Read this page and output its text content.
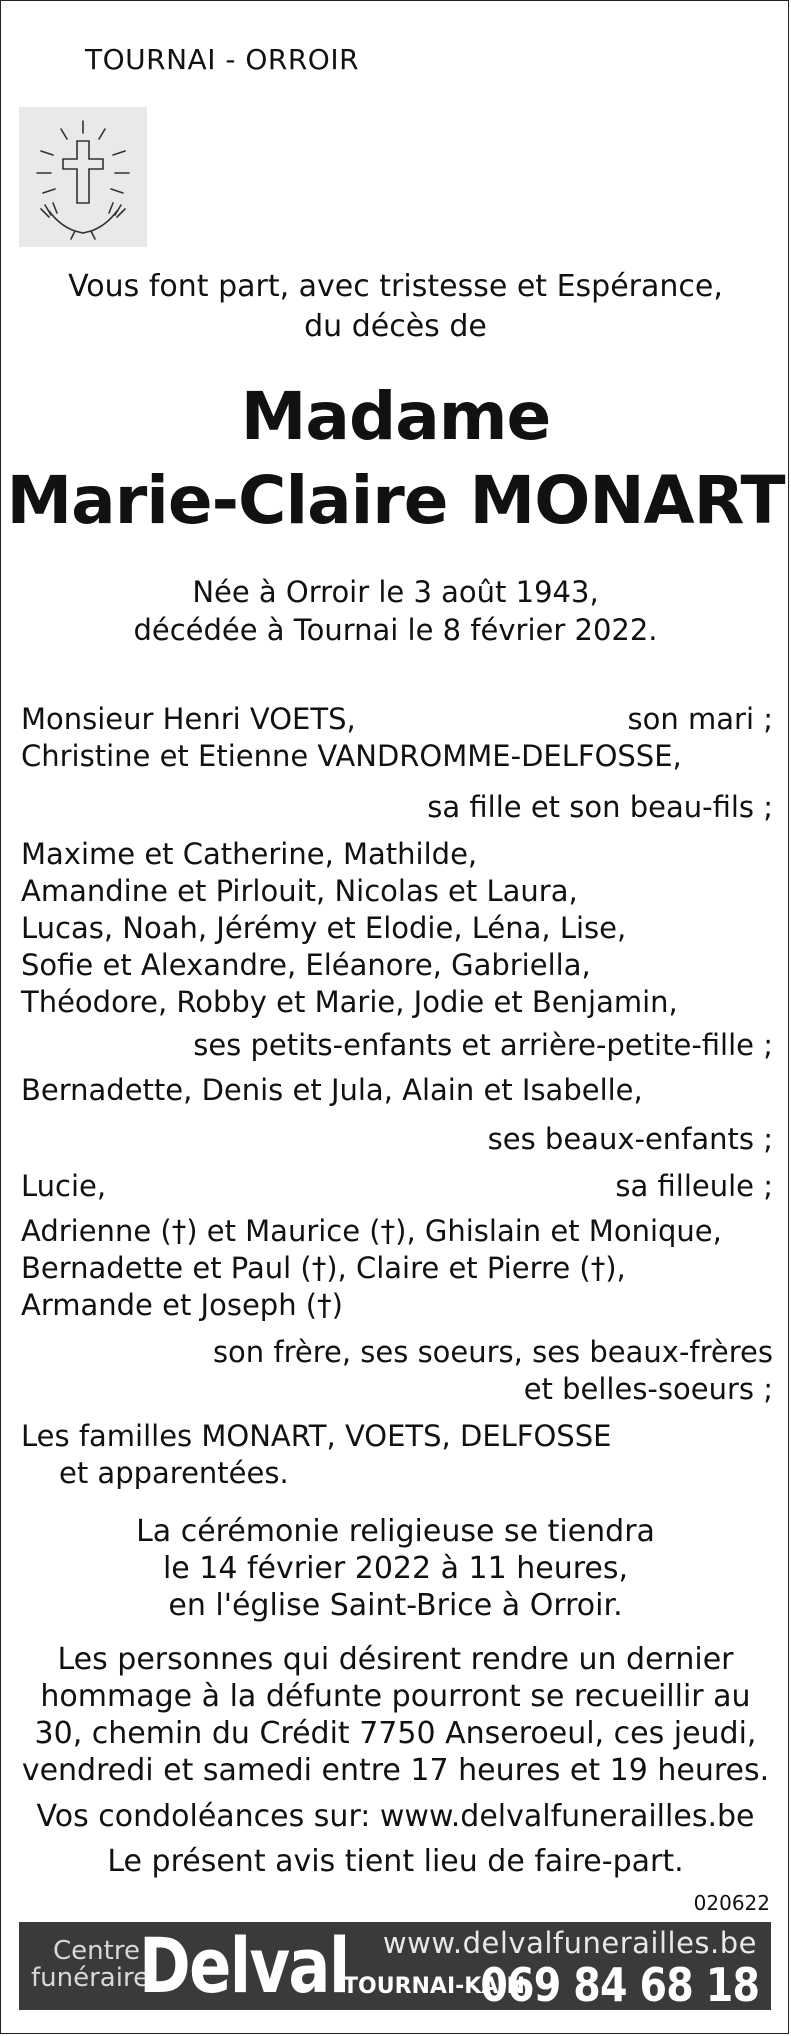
TOURNAI - ORROIR
Vous font part, avec tristesse et Espérance,
du décès de
Madame
Marie-Claire MONART
Née à Orroir le 3 août 1943,
décédée à Tournai le 8 février 2022.
Monsieur Henri VOETS,	son mari ;
Christine et Etienne VANDROMME-DELFOSSE,
sa fille et son beau-fils ;
Maxime et Catherine, Mathilde,
Amandine et Pirlouit, Nicolas et Laura,
Lucas, Noah, Jérémy et Elodie, Léna, Lise,
Sofie et Alexandre, Eléanore, Gabriella,
Théodore, Robby et Marie, Jodie et Benjamin,
ses petits-enfants et arrière-petite-fille ;
Bernadette, Denis et Jula, Alain et Isabelle,
ses beaux-enfants ;
Lucie,	sa filleule ;
Adrienne (†) et Maurice (†), Ghislain et Monique,
Bernadette et Paul (†), Claire et Pierre (†),
Armande et Joseph (†)
son frère, ses soeurs, ses beaux-frères
et belles-soeurs ;
Les familles MONART, VOETS, DELFOSSE
et apparentées.
La cérémonie religieuse se tiendra
le 14 février 2022 à 11 heures,
en l'église Saint-Brice à Orroir.
Les personnes qui désirent rendre un dernier
hommage à la défunte pourront se recueillir au
30, chemin du Crédit 7750 Anseroeul, ces jeudi,
vendredi et samedi entre 17 heures et 19 heures.
Vos condoléances sur: www.delvalfunerailles.be
Le présent avis tient lieu de faire-part.
020622
Centre
funéraire
Delval www.delvalfunerailles.be
TOURNAI-KAIN
069 84 68 18
